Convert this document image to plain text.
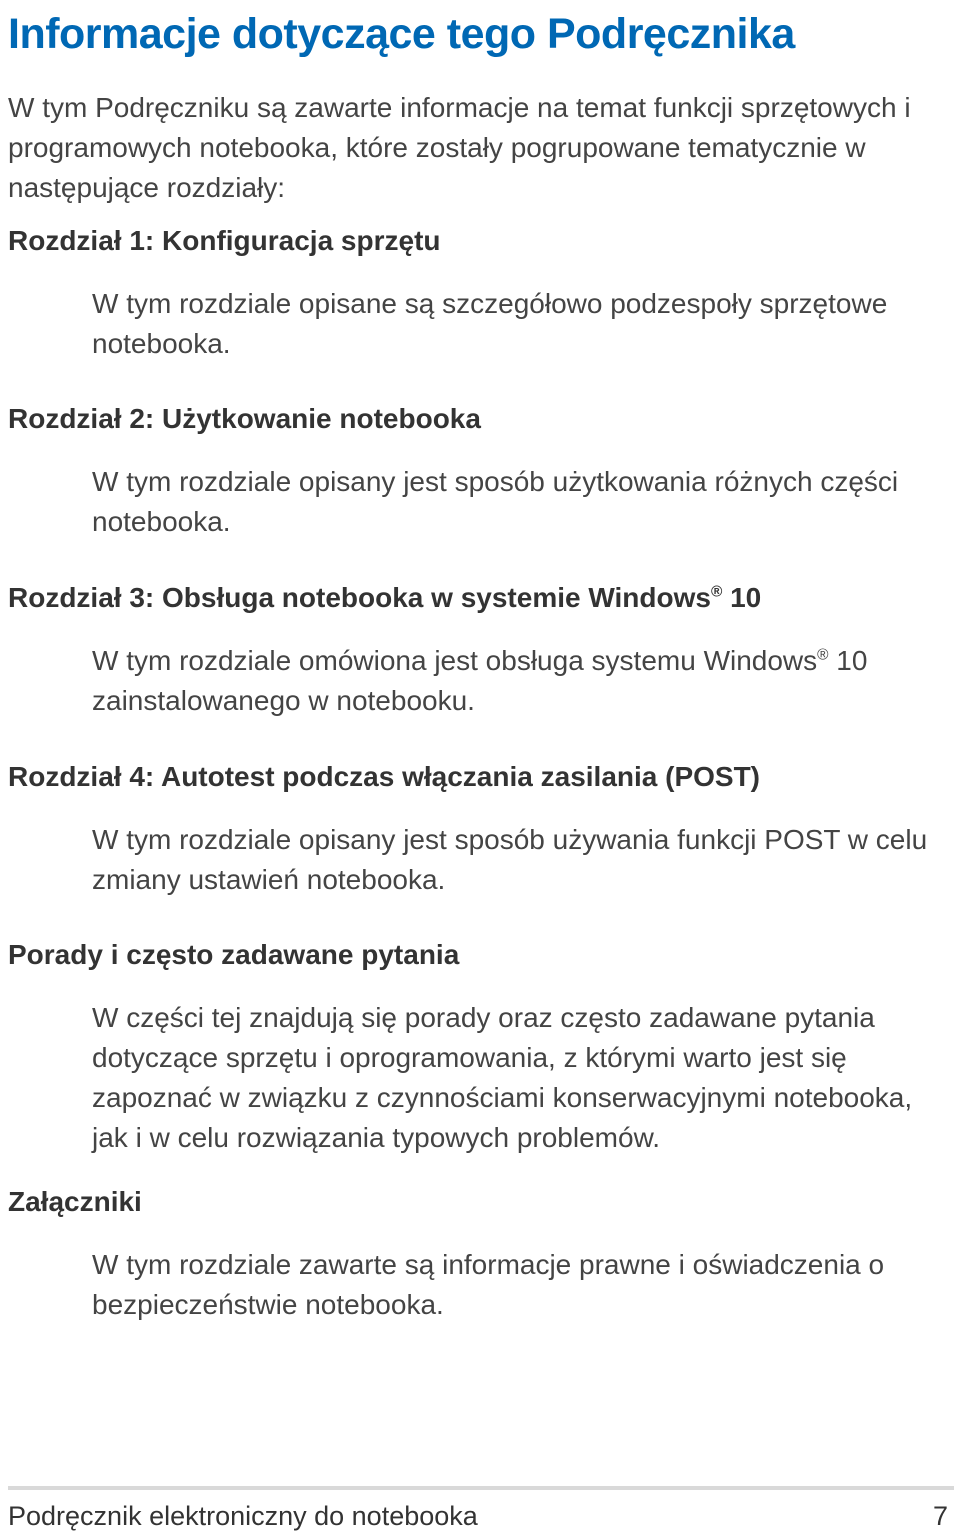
Informacje dotyczące tego Podręcznika

W tym Podręczniku są zawarte informacje na temat funkcji sprzętowych i programowych notebooka, które zostały pogrupowane tematycznie w następujące rozdziały:

Rozdział 1: Konfiguracja sprzętu

W tym rozdziale opisane są szczegółowo podzespoły sprzętowe notebooka.

Rozdział 2: Użytkowanie notebooka

W tym rozdziale opisany jest sposób użytkowania różnych części notebooka.

Rozdział 3: Obsługa notebooka w systemie Windows® 10

W tym rozdziale omówiona jest obsługa systemu Windows® 10 zainstalowanego w notebooku.

Rozdział 4: Autotest podczas włączania zasilania (POST)

W tym rozdziale opisany jest sposób używania funkcji POST w celu zmiany ustawień notebooka.

Porady i często zadawane pytania

W części tej znajdują się porady oraz często zadawane pytania dotyczące sprzętu i oprogramowania, z którymi warto jest się zapoznać w związku z czynnościami konserwacyjnymi notebooka, jak i w celu rozwiązania typowych problemów.

Załączniki

W tym rozdziale zawarte są informacje prawne i oświadczenia o bezpieczeństwie notebooka.

Podręcznik elektroniczny do notebooka	7
